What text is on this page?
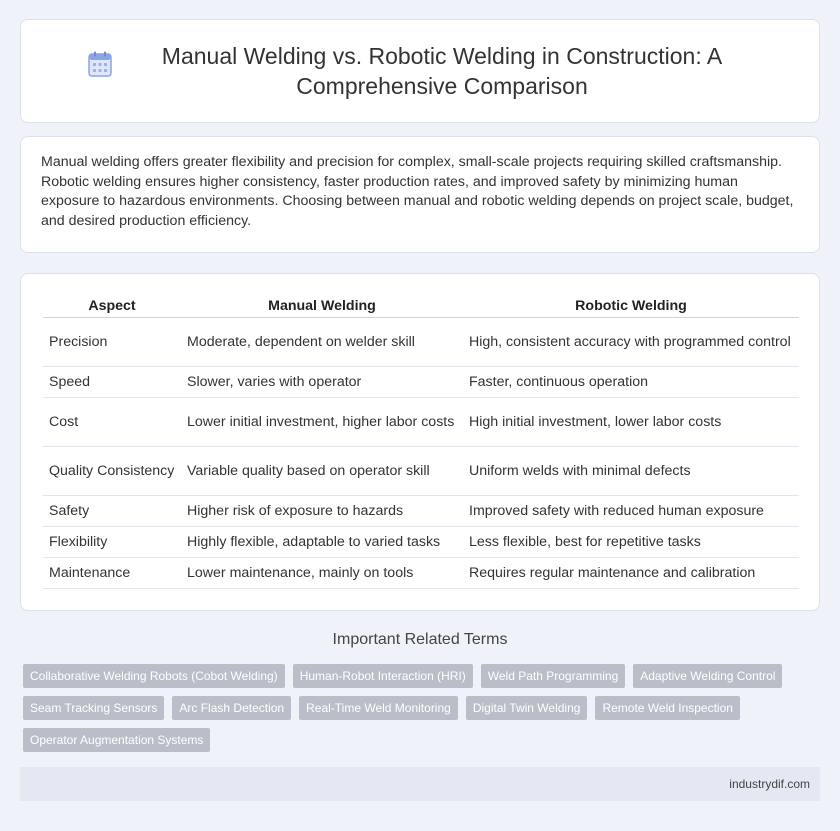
Manual Welding vs. Robotic Welding in Construction: A Comprehensive Comparison

Manual welding offers greater flexibility and precision for complex, small-scale projects requiring skilled craftsmanship. Robotic welding ensures higher consistency, faster production rates, and improved safety by minimizing human exposure to hazardous environments. Choosing between manual and robotic welding depends on project scale, budget, and desired production efficiency.

Aspect	Manual Welding	Robotic Welding
Precision	Moderate, dependent on welder skill	High, consistent accuracy with programmed control
Speed	Slower, varies with operator	Faster, continuous operation
Cost	Lower initial investment, higher labor costs	High initial investment, lower labor costs
Quality Consistency	Variable quality based on operator skill	Uniform welds with minimal defects
Safety	Higher risk of exposure to hazards	Improved safety with reduced human exposure
Flexibility	Highly flexible, adaptable to varied tasks	Less flexible, best for repetitive tasks
Maintenance	Lower maintenance, mainly on tools	Requires regular maintenance and calibration
Important Related Terms
Collaborative Welding Robots (Cobot Welding)	Human-Robot Interaction (HRI)	Weld Path Programming	Adaptive Welding Control
Seam Tracking Sensors	Arc Flash Detection	Real-Time Weld Monitoring	Digital Twin Welding	Remote Weld Inspection
Operator Augmentation Systems
industrydif.com
